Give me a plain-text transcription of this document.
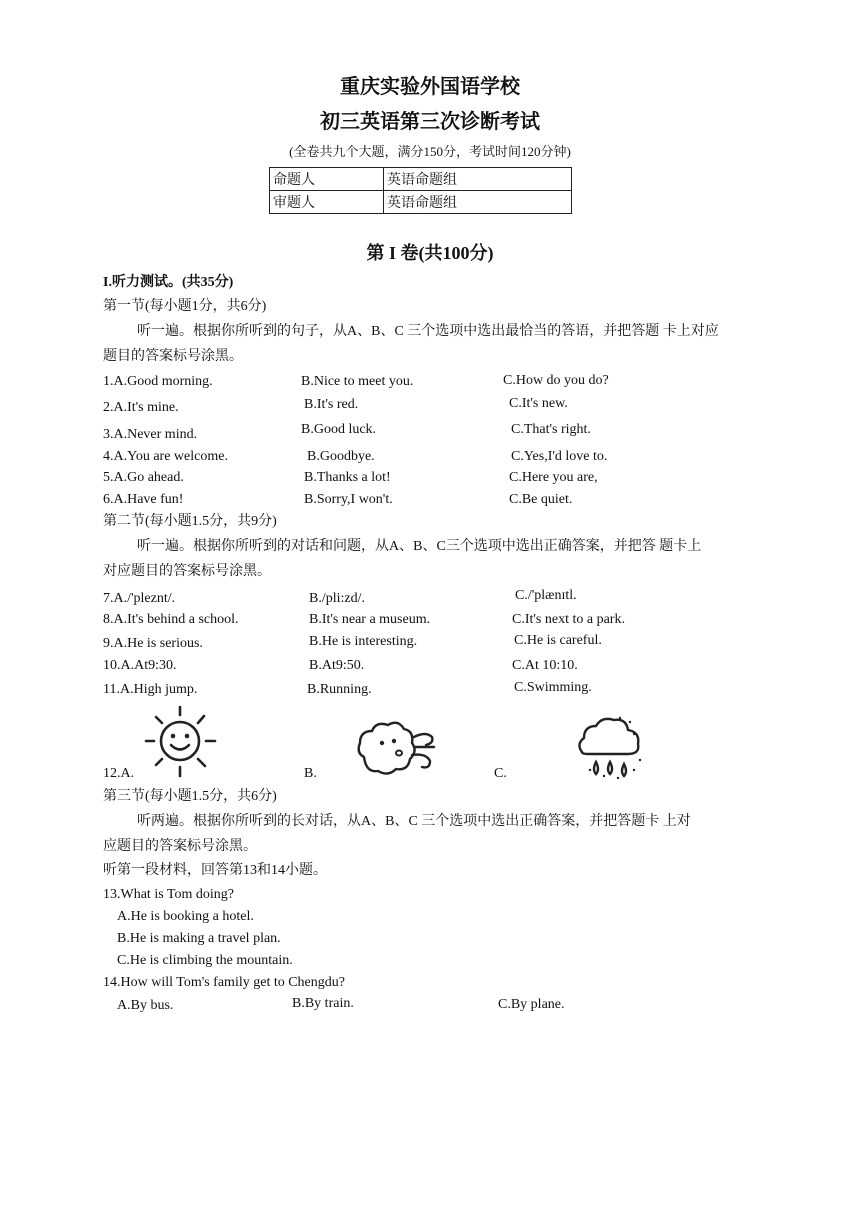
重庆实验外国语学校
初三英语第三次诊断考试
(全卷共九个大题，满分150分，考试时间120分钟)
命题人	英语命题组
审题人	英语命题组
第 I 卷(共100分)
I.听力测试。(共35分)
第一节(每小题1分，共6分)
听一遍。根据你所听到的句子，从A、B、C 三个选项中选出最恰当的答语，并把答题 卡上对应
题目的答案标号涂黑。
1.A.Good morning.	B.Nice to meet you.	C.How do you do?
2.A.It's mine.	B.It's red.	C.It's new.
3.A.Never mind.	B.Good luck.	C.That's right.
4.A.You are welcome.	B.Goodbye.	C.Yes,I'd love to.
5.A.Go ahead.	B.Thanks a lot!	C.Here you are,
6.A.Have fun!	B.Sorry,I won't.	C.Be quiet.
第二节(每小题1.5分，共9分)
听一遍。根据你所听到的对话和问题，从A、B、C三个选项中选出正确答案，并把答 题卡上
对应题目的答案标号涂黑。
7.A./'pleznt/.	B./pli:zd/.	C./'plænɪtl.
8.A.It's behind a school.	B.It's near a museum.	C.It's next to a park.
9.A.He is serious.	B.He is interesting.	C.He is careful.
10.A.At9:30.	B.At9:50.	C.At 10:10.
11.A.High jump.	B.Running.	C.Swimming.
12.A.	B.	C.
第三节(每小题1.5分，共6分)
听两遍。根据你所听到的长对话，从A、B、C 三个选项中选出正确答案，并把答题卡 上对
应题目的答案标号涂黑。
听第一段材料，回答第13和14小题。
13.What is Tom doing?
A.He is booking a hotel.
B.He is making a travel plan.
C.He is climbing the mountain.
14.How will Tom's family get to Chengdu?
A.By bus.	B.By train.	C.By plane.
